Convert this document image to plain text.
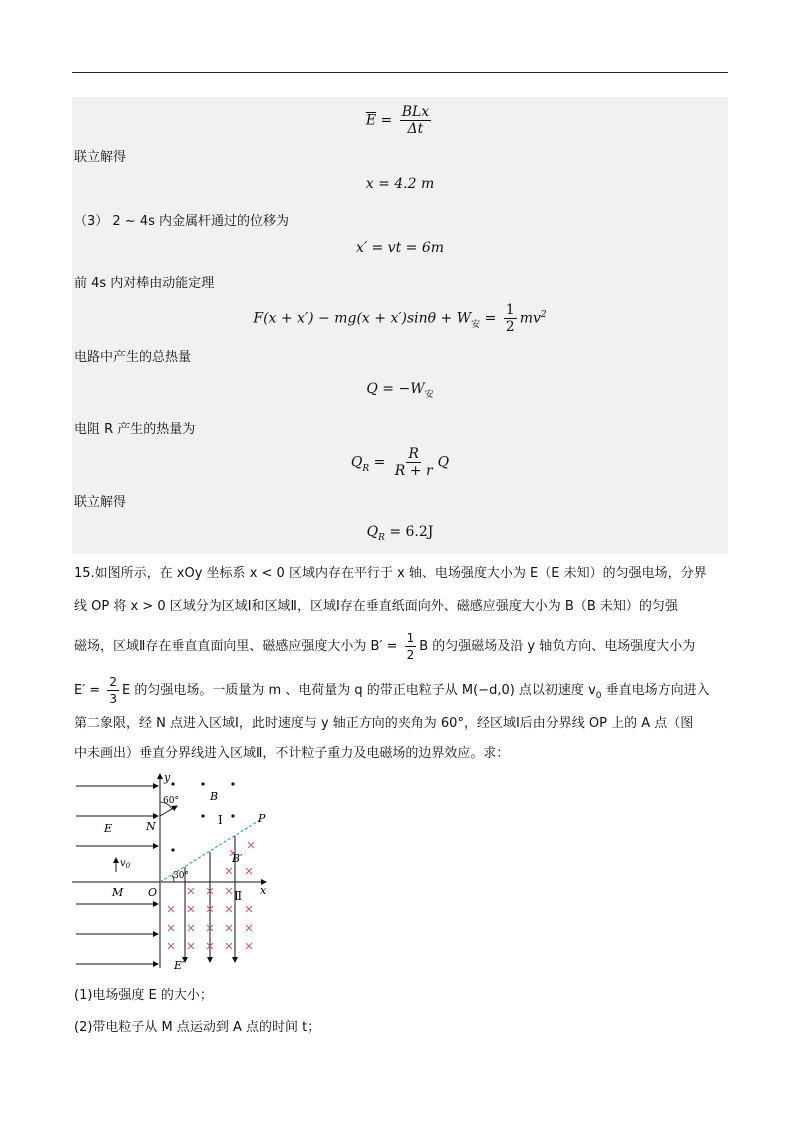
$\overline{E} = \frac{\text{BLx}}{\Delta t}$
联立解得
x = 4.2 m
（3） 2 ~ 4s 内金属杆通过的位移为
x′ = vt = 6m
前 4s 内对棒由动能定理
$F(x + x') - mg(x + x')\sin\theta + W_安 = \frac{1}{2} mv^2$
电路中产生的总热量
$Q = -W_安$
电阻 R 产生的热量为
$Q_R = \frac{R}{R + r}$ Q
联立解得
$Q_R = 6.2J$
15.如图所示，在 xOy 坐标系 x < 0 区域内存在平行于 x 轴、电场强度大小为 E（E 未知）的匀强电场，分界
线 OP 将 x > 0 区域分为区域Ⅰ和区域Ⅱ，区域Ⅰ存在垂直纸面向外、磁感应强度大小为 B（B 未知）的匀强
磁场，区域Ⅱ存在垂直直面向里、磁感应强度大小为 $B' = \frac{1}{2}$ B 的匀强磁场及沿 y 轴负方向、电场强度大小为
$E' = \frac{2}{3}$ E 的匀强电场。一质量为 m 、电荷量为 q 的带正电粒子从 M(−d,0) 点以初速度 $v_0$ 垂直电场方向进入
第二象限，经 N 点进入区域Ⅰ，此时速度与 y 轴正方向的夹角为 60°，经区域Ⅰ后由分界线 OP 上的 A 点（图
中未画出）垂直分界线进入区域Ⅱ，不计粒子重力及电磁场的边界效应。求：
y
x
O
M
N
P
E
B
B′
E′
$v_0$
Ⅰ
Ⅱ
60°
30°
(1)电场强度 E 的大小；
(2)带电粒子从 M 点运动到 A 点的时间 t；
